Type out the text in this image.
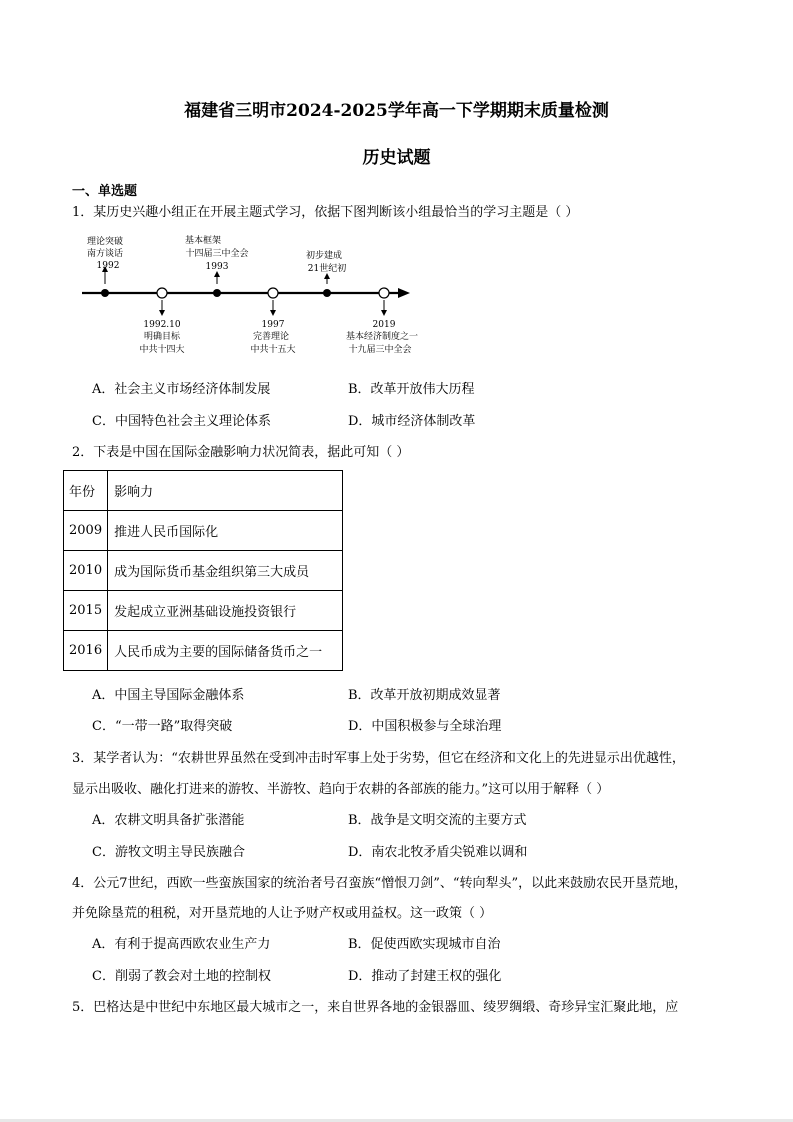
福建省三明市2024-2025学年高一下学期期末质量检测
历史试题
一、单选题
1．某历史兴趣小组正在开展主题式学习，依据下图判断该小组最恰当的学习主题是（ ）
理论突破
南方谈话
1992
基本框架
十四届三中全会
1993
初步建成
21世纪初
1992.10
明确目标
中共十四大
1997
完善理论
中共十五大
2019
基本经济制度之一
十九届三中全会
A．社会主义市场经济体制发展	B．改革开放伟大历程
C．中国特色社会主义理论体系	D．城市经济体制改革
2．下表是中国在国际金融影响力状况简表，据此可知（ ）
年份	影响力
2009	推进人民币国际化
2010	成为国际货币基金组织第三大成员
2015	发起成立亚洲基础设施投资银行
2016	人民币成为主要的国际储备货币之一
A．中国主导国际金融体系	B．改革开放初期成效显著
C．“一带一路”取得突破	D．中国积极参与全球治理
3．某学者认为：“农耕世界虽然在受到冲击时军事上处于劣势，但它在经济和文化上的先进显示出优越性，
显示出吸收、融化打进来的游牧、半游牧、趋向于农耕的各部族的能力。”这可以用于解释（ ）
A．农耕文明具备扩张潜能	B．战争是文明交流的主要方式
C．游牧文明主导民族融合	D．南农北牧矛盾尖锐难以调和
4．公元7世纪，西欧一些蛮族国家的统治者号召蛮族“憎恨刀剑”、“转向犁头”，以此来鼓励农民开垦荒地，
并免除垦荒的租税，对开垦荒地的人让予财产权或用益权。这一政策（ ）
A．有利于提高西欧农业生产力	B．促使西欧实现城市自治
C．削弱了教会对土地的控制权	D．推动了封建王权的强化
5．巴格达是中世纪中东地区最大城市之一，来自世界各地的金银器皿、绫罗绸缎、奇珍异宝汇聚此地，应
